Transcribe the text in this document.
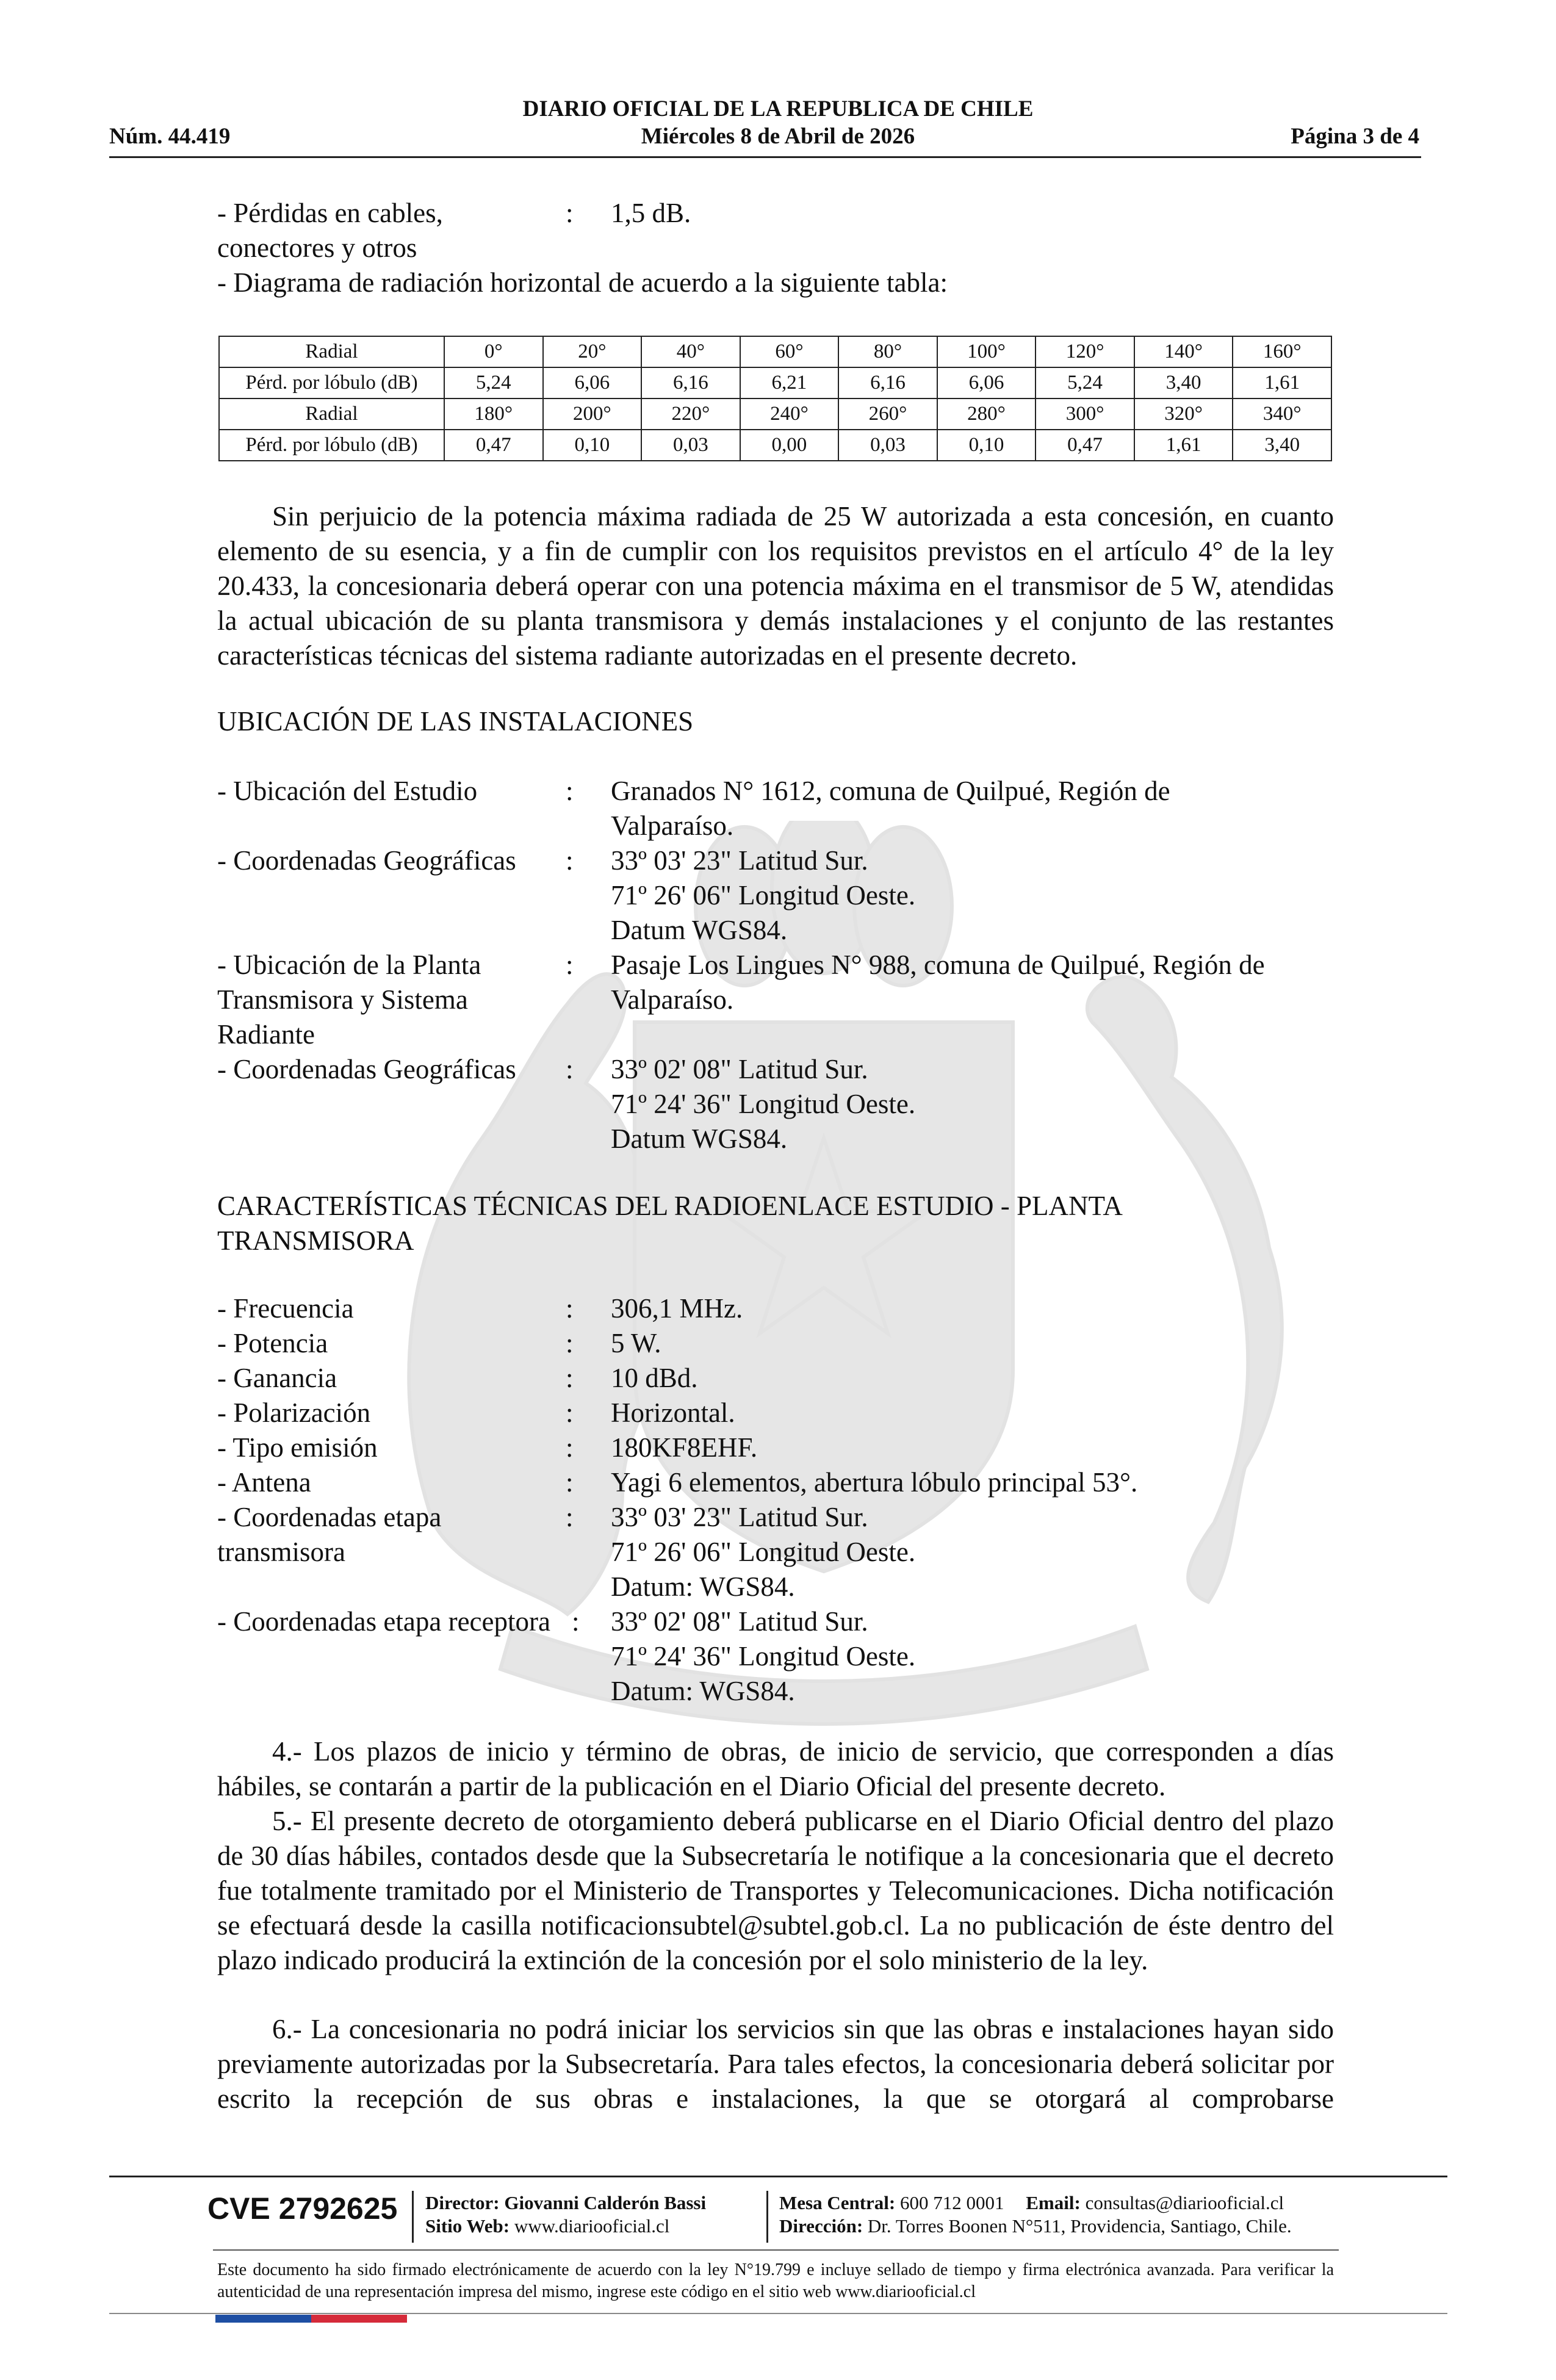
DIARIO OFICIAL DE LA REPUBLICA DE CHILE
Núm. 44.419	Miércoles 8 de Abril de 2026	Página 3 de 4
- Pérdidas en cables,
conectores y otros
: 1,5 dB.
- Diagrama de radiación horizontal de acuerdo a la siguiente tabla:
Radial	0°	20°	40°	60°	80°	100°	120°	140°	160°
Pérd. por lóbulo (dB)	5,24	6,06	6,16	6,21	6,16	6,06	5,24	3,40	1,61
Radial	180°	200°	220°	240°	260°	280°	300°	320°	340°
Pérd. por lóbulo (dB)	0,47	0,10	0,03	0,00	0,03	0,10	0,47	1,61	3,40

Sin perjuicio de la potencia máxima radiada de 25 W autorizada a esta concesión, en cuanto elemento de su esencia, y a fin de cumplir con los requisitos previstos en el artículo 4° de la ley 20.433, la concesionaria deberá operar con una potencia máxima en el transmisor de 5 W, atendidas la actual ubicación de su planta transmisora y demás instalaciones y el conjunto de las restantes características técnicas del sistema radiante autorizadas en el presente decreto.

UBICACIÓN DE LAS INSTALACIONES
- Ubicación del Estudio	: Granados N° 1612, comuna de Quilpué, Región de
Valparaíso.
- Coordenadas Geográficas : 33º 03' 23" Latitud Sur.
71º 26' 06" Longitud Oeste.
Datum WGS84.
- Ubicación de la Planta
Transmisora y Sistema
Radiante
: Pasaje Los Lingues N° 988, comuna de Quilpué, Región de
Valparaíso.
- Coordenadas Geográficas : 33º 02' 08" Latitud Sur.
71º 24' 36" Longitud Oeste.
Datum WGS84.
CARACTERÍSTICAS TÉCNICAS DEL RADIOENLACE ESTUDIO - PLANTA
TRANSMISORA
- Frecuencia	: 306,1 MHz.
- Potencia	: 5 W.
- Ganancia	: 10 dBd.
- Polarización	: Horizontal.
- Tipo emisión	: 180KF8EHF.
- Antena	: Yagi 6 elementos, abertura lóbulo principal 53°.
- Coordenadas etapa
transmisora
: 33º 03' 23" Latitud Sur.
71º 26' 06" Longitud Oeste.
Datum: WGS84.
- Coordenadas etapa receptora : 33º 02' 08" Latitud Sur.
71º 24' 36" Longitud Oeste.
Datum: WGS84.

4.- Los plazos de inicio y término de obras, de inicio de servicio, que corresponden a días hábiles, se contarán a partir de la publicación en el Diario Oficial del presente decreto.

5.- El presente decreto de otorgamiento deberá publicarse en el Diario Oficial dentro del plazo de 30 días hábiles, contados desde que la Subsecretaría le notifique a la concesionaria que el decreto fue totalmente tramitado por el Ministerio de Transportes y Telecomunicaciones. Dicha notificación se efectuará desde la casilla notificacionsubtel@subtel.gob.cl. La no publicación de éste dentro del plazo indicado producirá la extinción de la concesión por el solo ministerio de la ley.

6.- La concesionaria no podrá iniciar los servicios sin que las obras e instalaciones hayan sido previamente autorizadas por la Subsecretaría. Para tales efectos, la concesionaria deberá solicitar por escrito la recepción de sus obras e instalaciones, la que se otorgará al comprobarse

CVE 2792625 Director: Giovanni Calderón Bassi
Sitio Web: www.diariooficial.cl
Mesa Central: 600 712 0001 Email: consultas@diariooficial.cl
Dirección: Dr. Torres Boonen N°511, Providencia, Santiago, Chile.

Este documento ha sido firmado electrónicamente de acuerdo con la ley N°19.799 e incluye sellado de tiempo y firma electrónica avanzada. Para verificar la autenticidad de una representación impresa del mismo, ingrese este código en el sitio web www.diariooficial.cl
